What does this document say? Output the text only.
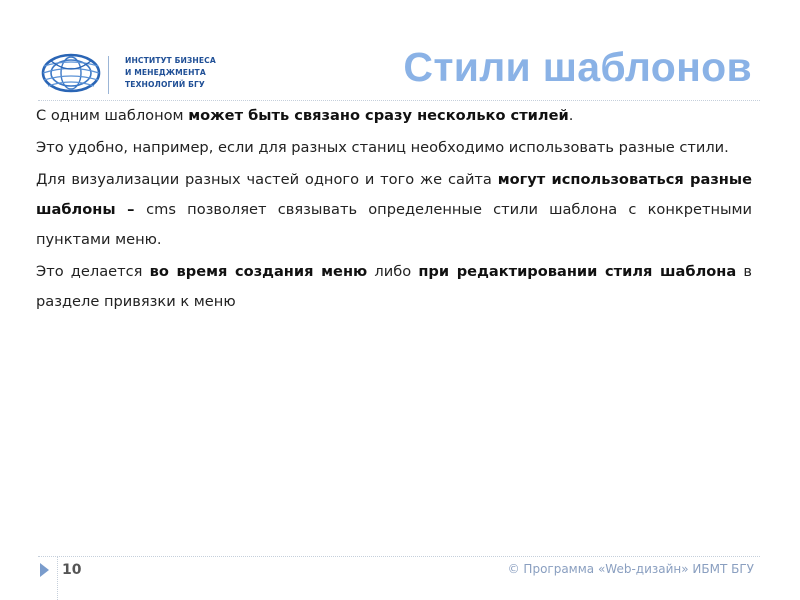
ИНСТИТУТ БИЗНЕСА
И МЕНЕДЖМЕНТА
ТЕХНОЛОГИЙ БГУ	Стили шаблонов

С одним шаблоном может быть связано сразу несколько стилей.

Это удобно, например, если для разных станиц необходимо использовать разные стили.

Для визуализации разных частей одного и того же сайта могут использоваться разные шаблоны – cms позволяет связывать определенные стили шаблона с конкретными пунктами меню.

Это делается во время создания меню либо при редактировании стиля шаблона в разделе привязки к меню

10	© Программа «Web-дизайн» ИБМТ БГУ
